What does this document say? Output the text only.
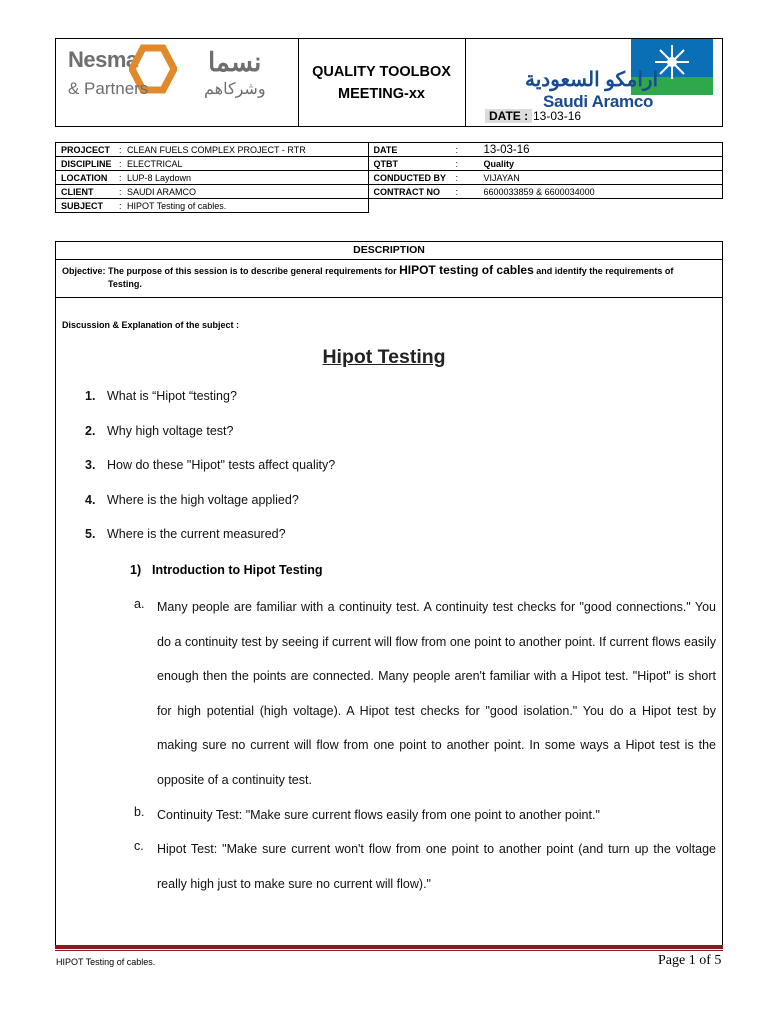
Nesma	نسما
& Partners	وشركاهم
QUALITY TOOLBOX
MEETING-xx
ارامكو السعودية
Saudi Aramco
DATE : 13-03-16
PROJCECT : CLEAN FUELS COMPLEX PROJECT - RTR	DATE : 13-03-16
DISCIPLINE : ELECTRICAL	QTBT : Quality
LOCATION : LUP-8 Laydown	CONDUCTED BY : VIJAYAN
CLIENT : SAUDI ARAMCO	CONTRACT NO : 6600033859 & 6600034000
SUBJECT : HIPOT Testing of cables.	
DESCRIPTION
Objective: The purpose of this session is to describe general requirements for HIPOT testing of cables and identify the requirements of
Testing.
Discussion & Explanation of the subject :
Hipot Testing
1. What is “Hipot “testing?
2. Why high voltage test?
3. How do these "Hipot" tests affect quality?
4. Where is the high voltage applied?
5. Where is the current measured?
1) Introduction to Hipot Testing
a. Many people are familiar with a continuity test. A continuity test checks for "good connections." You do a continuity test by seeing if current will flow from one point to another point. If current flows easily enough then the points are connected. Many people aren't familiar with a Hipot test. "Hipot" is short for high potential (high voltage). A Hipot test checks for "good isolation." You do a Hipot test by making sure no current will flow from one point to another point. In some ways a Hipot test is the opposite of a continuity test.
b. Continuity Test: "Make sure current flows easily from one point to another point."
c. Hipot Test: "Make sure current won't flow from one point to another point (and turn up the voltage really high just to make sure no current will flow)."
HIPOT Testing of cables.	Page 1 of 5
